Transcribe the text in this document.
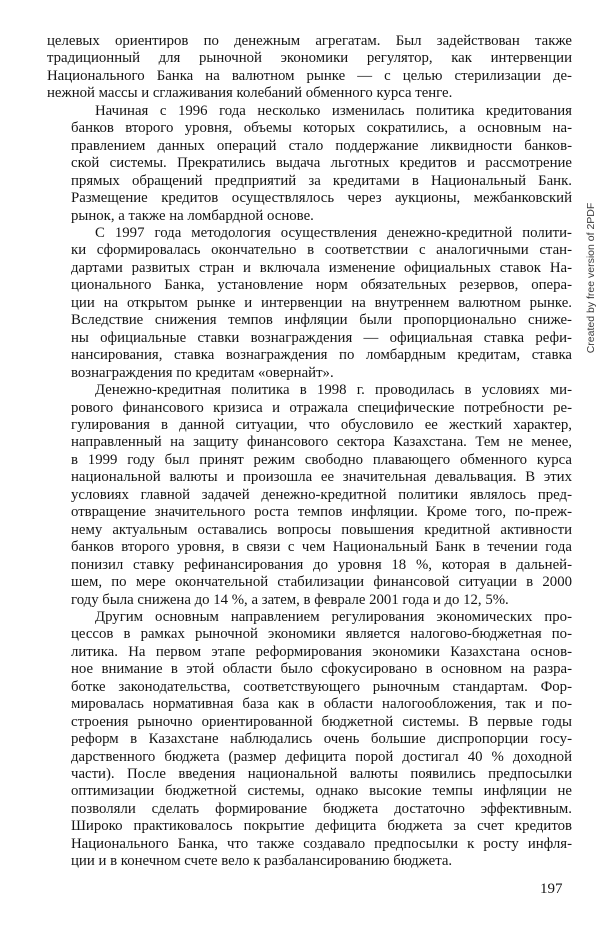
целевых ориентиров по денежным агрегатам. Был задействован также
традиционный для рыночной экономики регулятор, как интервенции
Национального Банка на валютном рынке — с целью стерилизации де-
нежной массы и сглаживания колебаний обменного курса тенге.

Начиная с 1996 года несколько изменилась политика кредитования
банков второго уровня, объемы которых сократились, а основным на-
правлением данных операций стало поддержание ликвидности банков-
ской системы. Прекратились выдача льготных кредитов и рассмотрение
прямых обращений предприятий за кредитами в Национальный Банк.
Размещение кредитов осуществлялось через аукционы, межбанковский
рынок, а также на ломбардной основе.

С 1997 года методология осуществления денежно-кредитной полити-
ки сформировалась окончательно в соответствии с аналогичными стан-
дартами развитых стран и включала изменение официальных ставок На-
ционального Банка, установление норм обязательных резервов, опера-
ции на открытом рынке и интервенции на внутреннем валютном рынке.
Вследствие снижения темпов инфляции были пропорционально сниже-
ны официальные ставки вознаграждения — официальная ставка рефи-
нансирования, ставка вознаграждения по ломбардным кредитам, ставка
вознаграждения по кредитам «овернайт».

Денежно-кредитная политика в 1998 г. проводилась в условиях ми-
рового финансового кризиса и отражала специфические потребности ре-
гулирования в данной ситуации, что обусловило ее жесткий характер,
направленный на защиту финансового сектора Казахстана. Тем не менее,
в 1999 году был принят режим свободно плавающего обменного курса
национальной валюты и произошла ее значительная девальвация. В этих
условиях главной задачей денежно-кредитной политики являлось пред-
отвращение значительного роста темпов инфляции. Кроме того, по-преж-
нему актуальным оставались вопросы повышения кредитной активности
банков второго уровня, в связи с чем Национальный Банк в течении года
понизил ставку рефинансирования до уровня 18 %, которая в дальней-
шем, по мере окончательной стабилизации финансовой ситуации в 2000
году была снижена до 14 %, а затем, в феврале 2001 года и до 12, 5%.

Другим основным направлением регулирования экономических про-
цессов в рамках рыночной экономики является налогово-бюджетная по-
литика. На первом этапе реформирования экономики Казахстана основ-
ное внимание в этой области было сфокусировано в основном на разра-
ботке законодательства, соответствующего рыночным стандартам. Фор-
мировалась нормативная база как в области налогообложения, так и по-
строения рыночно ориентированной бюджетной системы. В первые годы
реформ в Казахстане наблюдались очень большие диспропорции госу-
дарственного бюджета (размер дефицита порой достигал 40 % доходной
части). После введения национальной валюты появились предпосылки
оптимизации бюджетной системы, однако высокие темпы инфляции не
позволяли сделать формирование бюджета достаточно эффективным.
Широко практиковалось покрытие дефицита бюджета за счет кредитов
Национального Банка, что также создавало предпосылки к росту инфля-
ции и в конечном счете вело к разбалансированию бюджета.

197
Created by free version of 2PDF
